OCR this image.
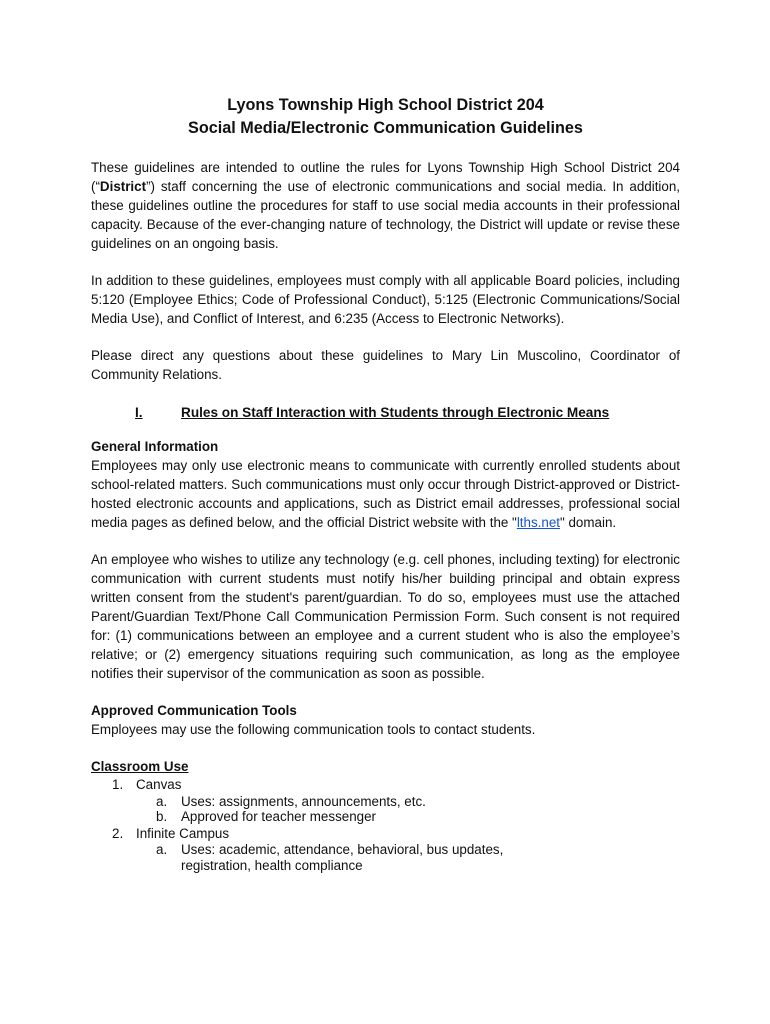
Lyons Township High School District 204
Social Media/Electronic Communication Guidelines

These guidelines are intended to outline the rules for Lyons Township High School District 204 (“District”) staff concerning the use of electronic communications and social media. In addition, these guidelines outline the procedures for staff to use social media accounts in their professional capacity. Because of the ever-changing nature of technology, the District will update or revise these guidelines on an ongoing basis.

In addition to these guidelines, employees must comply with all applicable Board policies, including 5:120 (Employee Ethics; Code of Professional Conduct), 5:125 (Electronic Communications/Social Media Use), and Conflict of Interest, and 6:235 (Access to Electronic Networks).

Please direct any questions about these guidelines to Mary Lin Muscolino, Coordinator of Community Relations.

I.	Rules on Staff Interaction with Students through Electronic Means
General Information

Employees may only use electronic means to communicate with currently enrolled students about school-related matters. Such communications must only occur through District-approved or District-hosted electronic accounts and applications, such as District email addresses, professional social media pages as defined below, and the official District website with the "lths.net" domain.

An employee who wishes to utilize any technology (e.g. cell phones, including texting) for electronic communication with current students must notify his/her building principal and obtain express written consent from the student's parent/guardian. To do so, employees must use the attached Parent/Guardian Text/Phone Call Communication Permission Form. Such consent is not required for: (1) communications between an employee and a current student who is also the employee’s relative; or (2) emergency situations requiring such communication, as long as the employee notifies their supervisor of the communication as soon as possible.

Approved Communication Tools

Employees may use the following communication tools to contact students.

Classroom Use
1. Canvas
a.	Uses: assignments, announcements, etc.
b.	Approved for teacher messenger
2. Infinite Campus
a.	Uses: academic, attendance, behavioral, bus updates, registration, health compliance
